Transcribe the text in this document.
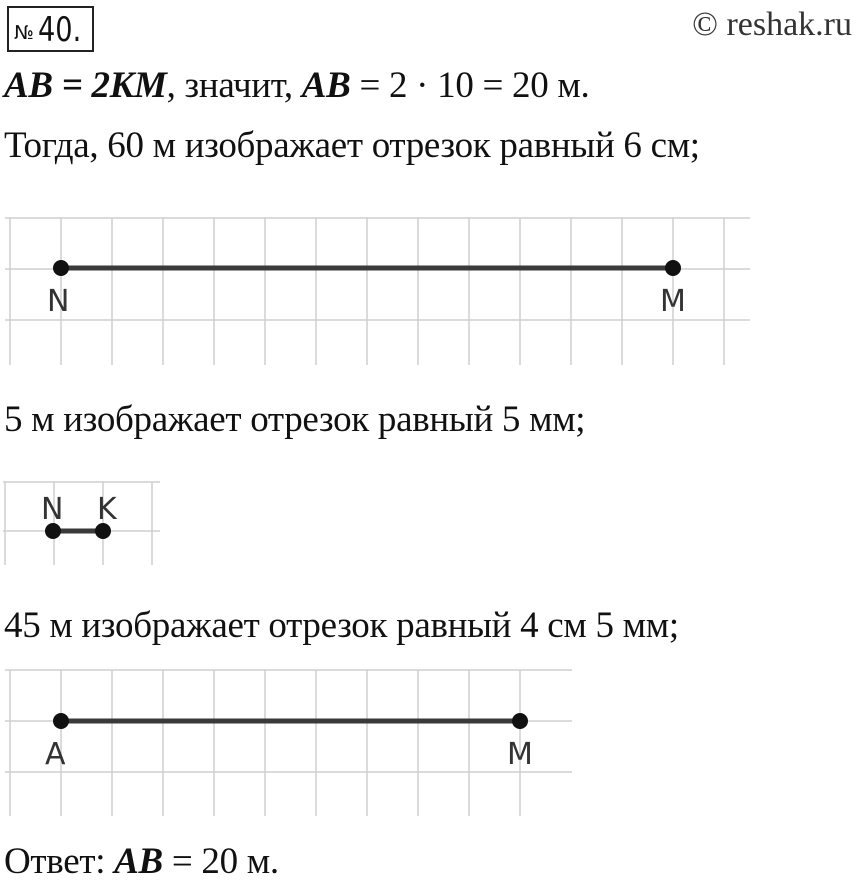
№ 40.	© reshak.ru
AB = 2KM, значит, AB = 2 · 10 = 20 м.
Тогда, 60 м изображает отрезок равный 6 см;
N	M
5 м изображает отрезок равный 5 мм;
N K
45 м изображает отрезок равный 4 см 5 мм;
A	M
Ответ: AB = 20 м.
